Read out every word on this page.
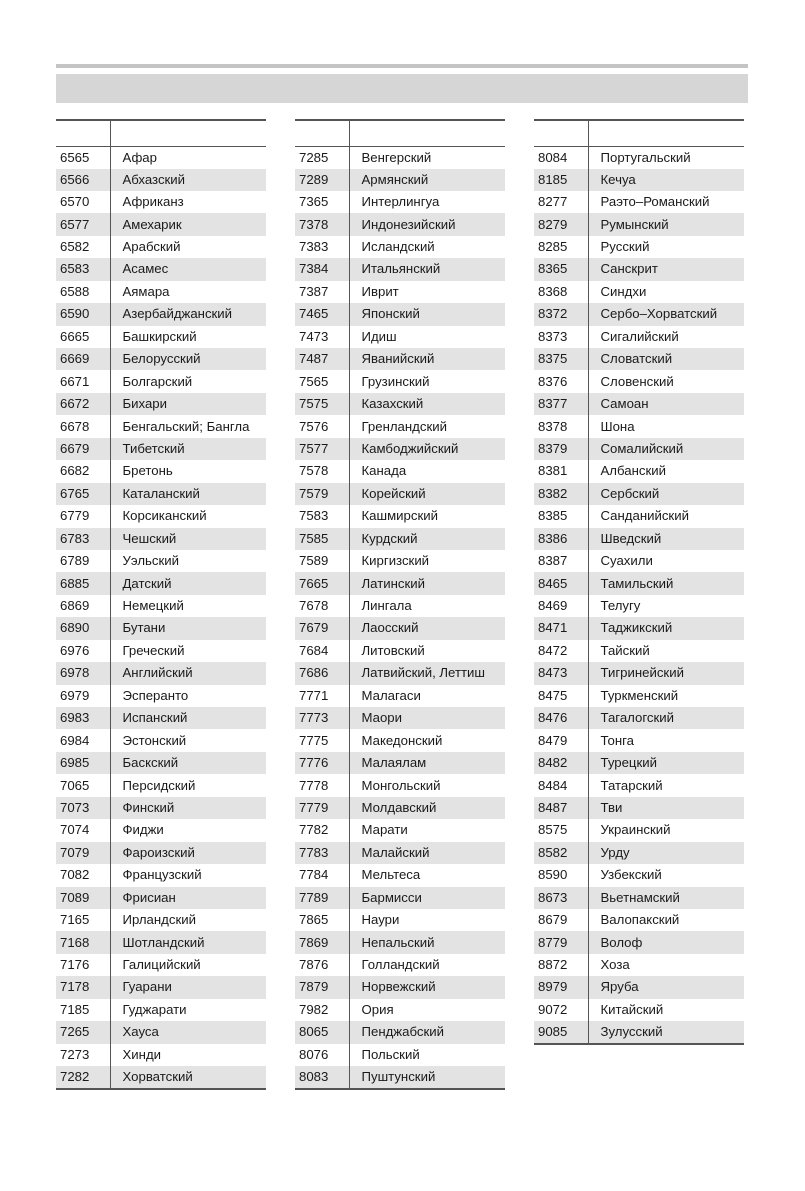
6565	Афар
6566	Абхазский
6570	Африканз
6577	Амехарик
6582	Арабский
6583	Асамес
6588	Аямара
6590	Азербайджанский
6665	Башкирский
6669	Белорусский
6671	Болгарский
6672	Бихари
6678	Бенгальский; Бангла
6679	Тибетский
6682	Бретонь
6765	Каталанский
6779	Корсиканский
6783	Чешский
6789	Уэльский
6885	Датский
6869	Немецкий
6890	Бутани
6976	Греческий
6978	Английский
6979	Эсперанто
6983	Испанский
6984	Эстонский
6985	Баскский
7065	Персидский
7073	Финский
7074	Фиджи
7079	Фароизский
7082	Французский
7089	Фрисиан
7165	Ирландский
7168	Шотландский
7176	Галицийский
7178	Гуарани
7185	Гуджарати
7265	Хауса
7273	Хинди
7282	Хорватский

7285	Венгерский
7289	Армянский
7365	Интерлингуа
7378	Индонезийский
7383	Исландский
7384	Итальянский
7387	Иврит
7465	Японский
7473	Идиш
7487	Яванийский
7565	Грузинский
7575	Казахский
7576	Гренландский
7577	Камбоджийский
7578	Канада
7579	Корейский
7583	Кашмирский
7585	Курдский
7589	Киргизский
7665	Латинский
7678	Лингала
7679	Лаосский
7684	Литовский
7686	Латвийский, Леттиш
7771	Малагаси
7773	Маори
7775	Македонский
7776	Малаялам
7778	Монгольский
7779	Молдавский
7782	Марати
7783	Малайский
7784	Мельтеса
7789	Бармисси
7865	Наури
7869	Непальский
7876	Голландский
7879	Норвежский
7982	Ория
8065	Пенджабский
8076	Польский
8083	Пуштунский

8084	Португальский
8185	Кечуа
8277	Раэто–Романский
8279	Румынский
8285	Русский
8365	Санскрит
8368	Синдхи
8372	Сербо–Хорватский
8373	Сигалийский
8375	Словатский
8376	Словенский
8377	Самоан
8378	Шона
8379	Сомалийский
8381	Албанский
8382	Сербский
8385	Санданийский
8386	Шведский
8387	Суахили
8465	Тамильский
8469	Телугу
8471	Таджикский
8472	Тайский
8473	Тигринейский
8475	Туркменский
8476	Тагалогский
8479	Тонга
8482	Турецкий
8484	Татарский
8487	Тви
8575	Украинский
8582	Урду
8590	Узбекский
8673	Вьетнамский
8679	Валопакский
8779	Волоф
8872	Хоза
8979	Яруба
9072	Китайский
9085	Зулусский
